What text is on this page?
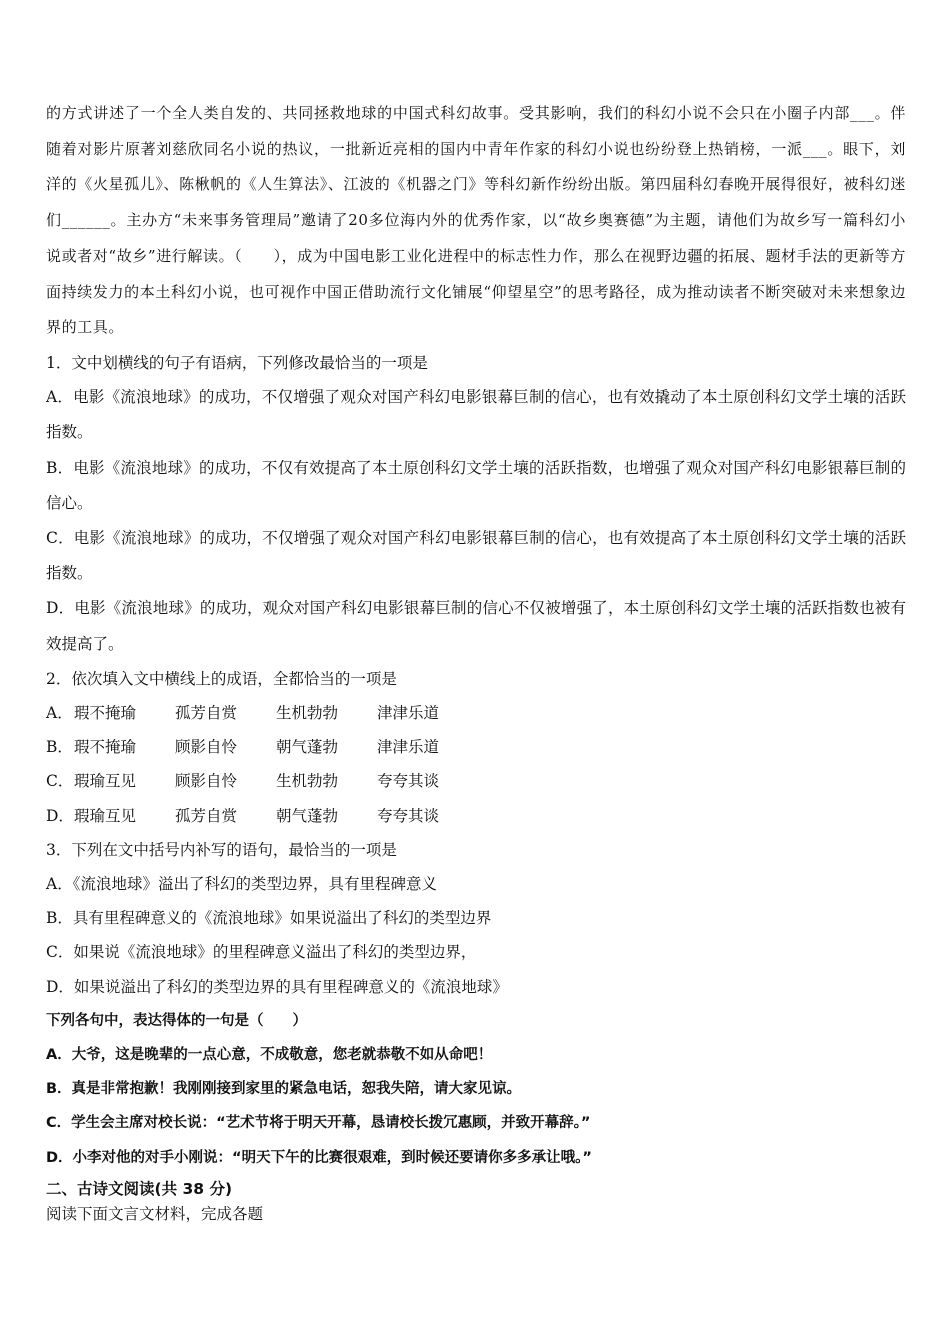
的方式讲述了一个全人类自发的、共同拯救地球的中国式科幻故事。受其影响，我们的科幻小说不会只在小圈子内部___。伴随着对影片原著刘慈欣同名小说的热议，一批新近亮相的国内中青年作家的科幻小说也纷纷登上热销榜，一派___。眼下，刘洋的《火星孤儿》、陈楸帆的《人生算法》、江波的《机器之门》等科幻新作纷纷出版。第四届科幻春晚开展得很好，被科幻迷们______。主办方“未来事务管理局”邀请了20多位海内外的优秀作家，以“故乡奥赛德”为主题，请他们为故乡写一篇科幻小说或者对“故乡”进行解读。（　　），成为中国电影工业化进程中的标志性力作，那么在视野边疆的拓展、题材手法的更新等方面持续发力的本土科幻小说，也可视作中国正借助流行文化铺展“仰望星空”的思考路径，成为推动读者不断突破对未来想象边界的工具。

1．文中划横线的句子有语病，下列修改最恰当的一项是

A．电影《流浪地球》的成功，不仅增强了观众对国产科幻电影银幕巨制的信心，也有效撬动了本土原创科幻文学土壤的活跃指数。

B．电影《流浪地球》的成功，不仅有效提高了本土原创科幻文学土壤的活跃指数，也增强了观众对国产科幻电影银幕巨制的信心。

C．电影《流浪地球》的成功，不仅增强了观众对国产科幻电影银幕巨制的信心，也有效提高了本土原创科幻文学土壤的活跃指数。

D．电影《流浪地球》的成功，观众对国产科幻电影银幕巨制的信心不仅被增强了，本土原创科幻文学土壤的活跃指数也被有效提高了。

2．依次填入文中横线上的成语，全都恰当的一项是

A． 瑕不掩瑜	孤芳自赏	生机勃勃	津津乐道
B． 瑕不掩瑜	顾影自怜	朝气蓬勃	津津乐道
C． 瑕瑜互见	顾影自怜	生机勃勃	夸夸其谈
D． 瑕瑜互见	孤芳自赏	朝气蓬勃	夸夸其谈

3．下列在文中括号内补写的语句，最恰当的一项是

A．《流浪地球》溢出了科幻的类型边界，具有里程碑意义

B．具有里程碑意义的《流浪地球》如果说溢出了科幻的类型边界

C．如果说《流浪地球》的里程碑意义溢出了科幻的类型边界，

D．如果说溢出了科幻的类型边界的具有里程碑意义的《流浪地球》

下列各句中，表达得体的一句是（　　）

A．大爷，这是晚辈的一点心意，不成敬意，您老就恭敬不如从命吧！

B．真是非常抱歉！我刚刚接到家里的紧急电话，恕我失陪，请大家见谅。

C．学生会主席对校长说：“艺术节将于明天开幕，恳请校长拨冗惠顾，并致开幕辞。”

D．小李对他的对手小刚说：“明天下午的比赛很艰难，到时候还要请你多多承让哦。”

二、古诗文阅读(共 38 分)

阅读下面文言文材料，完成各题
